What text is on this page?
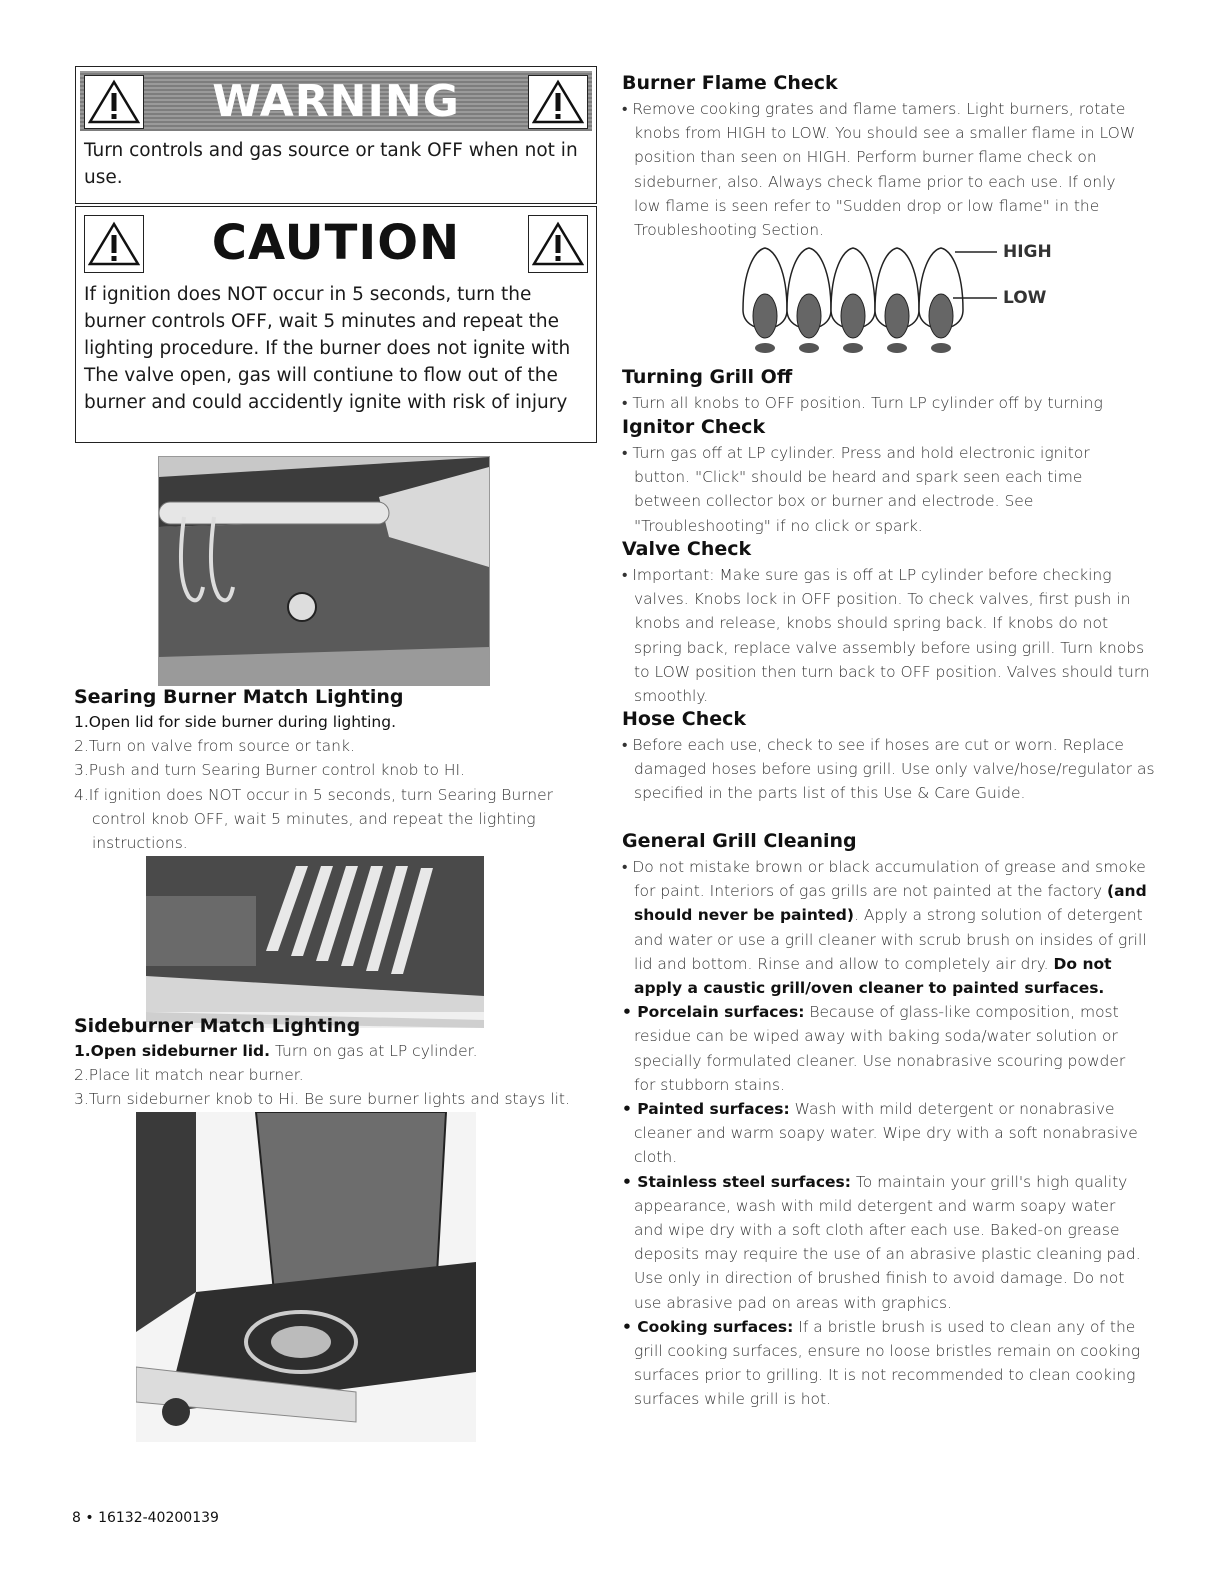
WARNING
Turn controls and gas source or tank OFF when not in use.
CAUTION
If ignition does NOT occur in 5 seconds, turn the burner controls OFF, wait 5 minutes and repeat the lighting procedure. If the burner does not ignite with The valve open, gas will contiune to flow out of the burner and could accidently ignite with risk of injury
Searing Burner Match Lighting

1.Open lid for side burner during lighting.

2.Turn on valve from source or tank.

3.Push and turn Searing Burner control knob to HI.

4.If ignition does NOT occur in 5 seconds, turn Searing Burner control knob OFF, wait 5 minutes, and repeat the lighting instructions.

Sideburner Match Lighting

1.Open sideburner lid. Turn on gas at LP cylinder.

2.Place lit match near burner.

3.Turn sideburner knob to Hi. Be sure burner lights and stays lit.

8 • 16132-40200139
Burner Flame Check
• Remove cooking grates and flame tamers. Light burners, rotate knobs from HIGH to LOW. You should see a smaller flame in LOW position than seen on HIGH. Perform burner flame check on sideburner, also. Always check flame prior to each use. If only low flame is seen refer to "Sudden drop or low flame" in the Troubleshooting Section.
HIGH
LOW
Turning Grill Off
• Turn all knobs to OFF position. Turn LP cylinder off by turning
Ignitor Check
• Turn gas off at LP cylinder. Press and hold electronic ignitor button. "Click" should be heard and spark seen each time between collector box or burner and electrode. See "Troubleshooting" if no click or spark.
Valve Check
• Important: Make sure gas is off at LP cylinder before checking valves. Knobs lock in OFF position. To check valves, first push in knobs and release, knobs should spring back. If knobs do not spring back, replace valve assembly before using grill. Turn knobs to LOW position then turn back to OFF position. Valves should turn smoothly.
Hose Check
• Before each use, check to see if hoses are cut or worn. Replace damaged hoses before using grill. Use only valve/hose/regulator as specified in the parts list of this Use & Care Guide.
General Grill Cleaning

• Do not mistake brown or black accumulation of grease and smoke for paint. Interiors of gas grills are not painted at the factory (and should never be painted). Apply a strong solution of detergent and water or use a grill cleaner with scrub brush on insides of grill lid and bottom. Rinse and allow to completely air dry. Do not apply a caustic grill/oven cleaner to painted surfaces.

• Porcelain surfaces: Because of glass-like composition, most residue can be wiped away with baking soda/water solution or specially formulated cleaner. Use nonabrasive scouring powder for stubborn stains.

• Painted surfaces: Wash with mild detergent or nonabrasive cleaner and warm soapy water. Wipe dry with a soft nonabrasive cloth.

• Stainless steel surfaces: To maintain your grill's high quality appearance, wash with mild detergent and warm soapy water and wipe dry with a soft cloth after each use. Baked-on grease deposits may require the use of an abrasive plastic cleaning pad. Use only in direction of brushed finish to avoid damage. Do not use abrasive pad on areas with graphics.

• Cooking surfaces: If a bristle brush is used to clean any of the grill cooking surfaces, ensure no loose bristles remain on cooking surfaces prior to grilling. It is not recommended to clean cooking surfaces while grill is hot.
